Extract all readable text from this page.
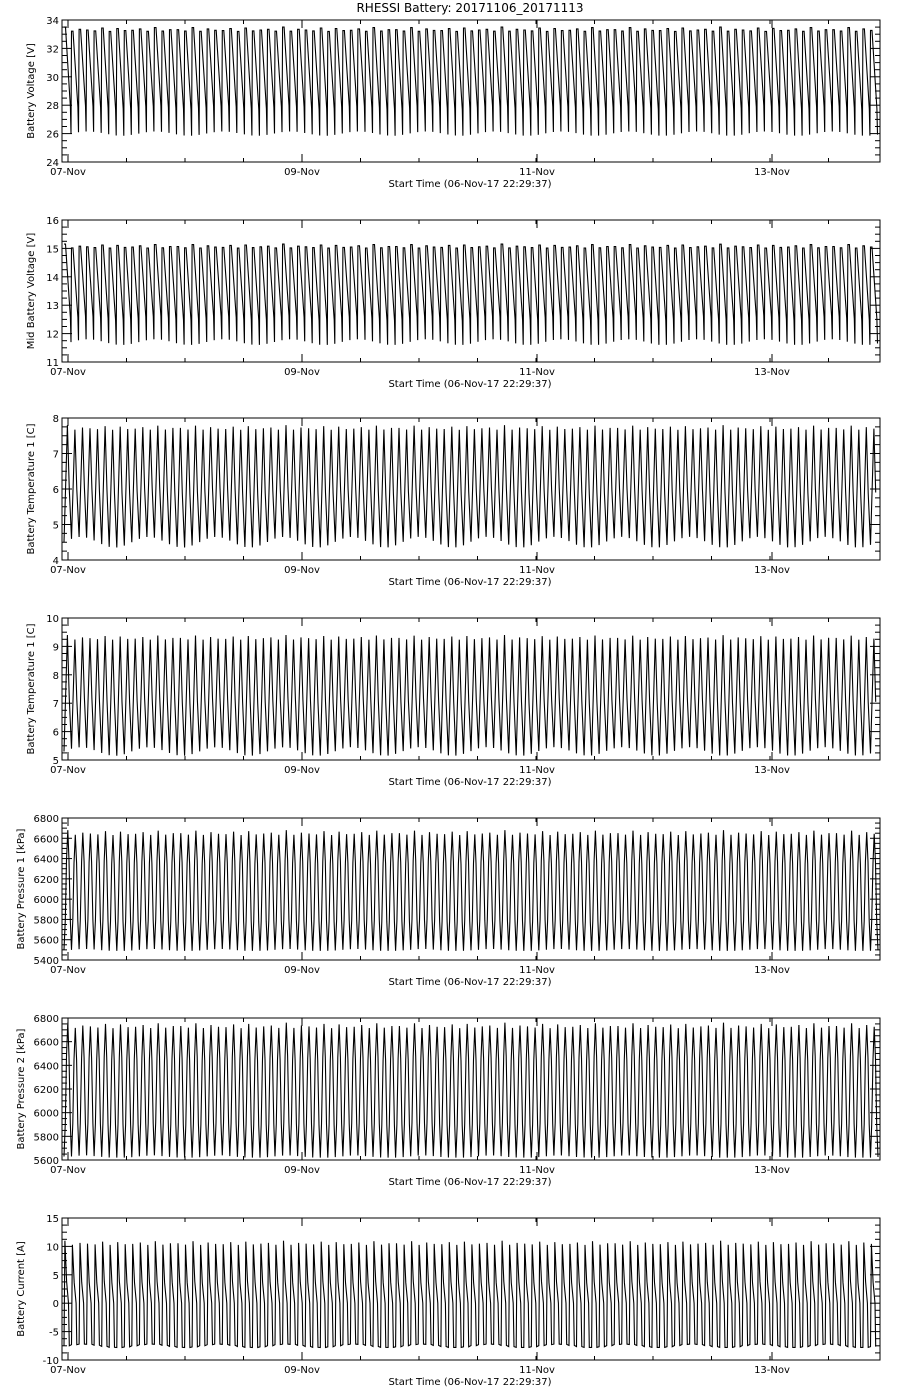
RHESSI Battery: 20171106_20171113
24
26
28
30
32
34
07-Nov	09-Nov	11-Nov	13-Nov
Start Time (06-Nov-17 22:29:37)
Battery Voltage [V]
11
12
13
14
15
16
07-Nov	09-Nov	11-Nov	13-Nov
Start Time (06-Nov-17 22:29:37)
Mid Battery Voltage [V]
4
5
6
7
8
07-Nov	09-Nov	11-Nov	13-Nov
Start Time (06-Nov-17 22:29:37)
Battery Temperature 1 [C]
5
6
7
8
9
10
07-Nov	09-Nov	11-Nov	13-Nov
Start Time (06-Nov-17 22:29:37)
Battery Temperature 1 [C]
5400
5600
5800
6000
6200
6400
6600
6800
07-Nov	09-Nov	11-Nov	13-Nov
Start Time (06-Nov-17 22:29:37)
Battery Pressure 1 [kPa]
5600
5800
6000
6200
6400
6600
6800
07-Nov	09-Nov	11-Nov	13-Nov
Start Time (06-Nov-17 22:29:37)
Battery Pressure 2 [kPa]
-10
-5
0
5
10
15
07-Nov	09-Nov	11-Nov	13-Nov
Start Time (06-Nov-17 22:29:37)
Battery Current [A]
